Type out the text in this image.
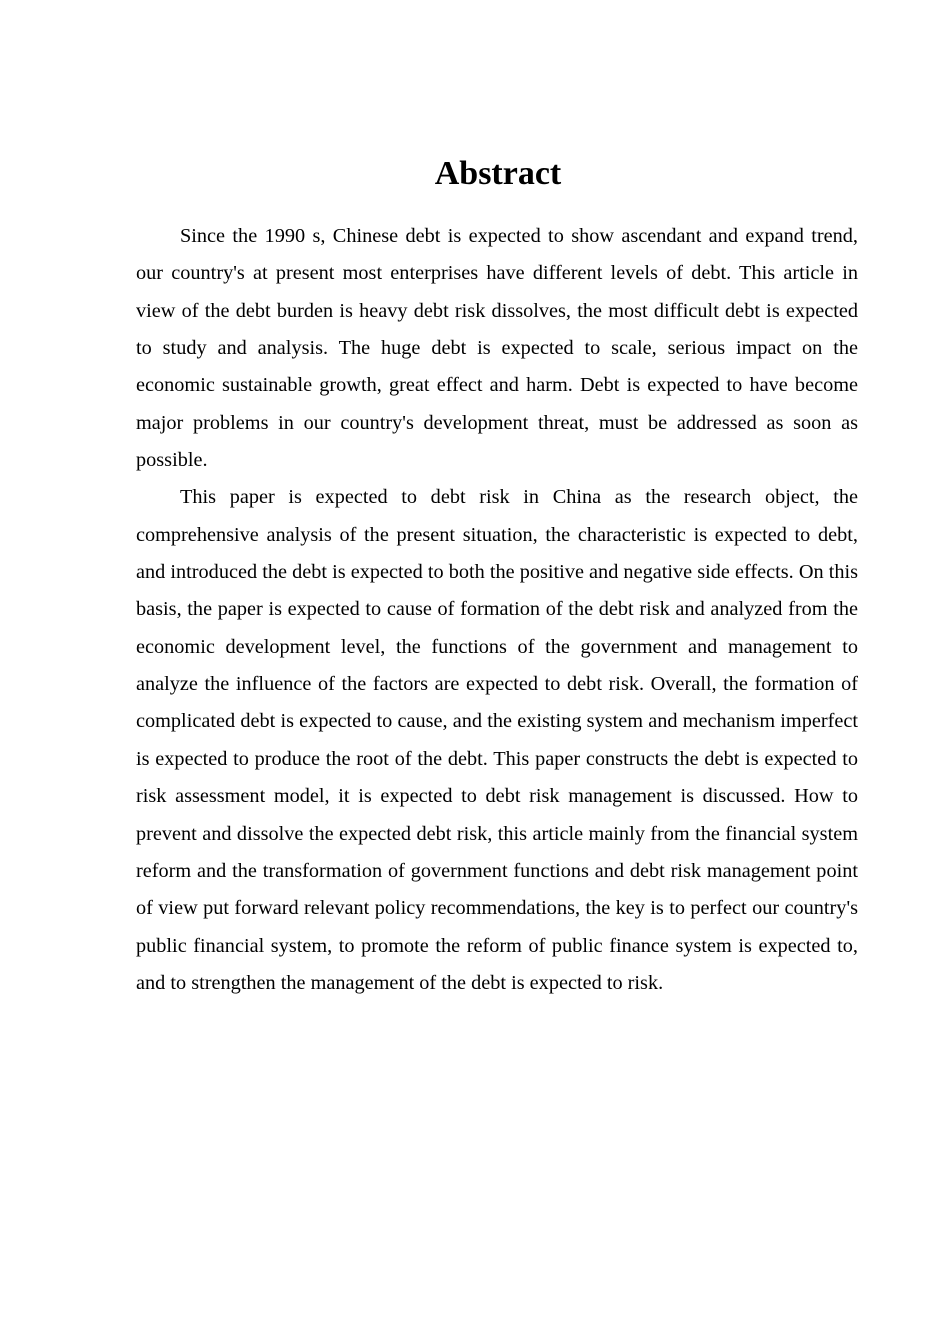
Abstract

Since the 1990 s, Chinese debt is expected to show ascendant and expand trend, our country's at present most enterprises have different levels of debt. This article in view of the debt burden is heavy debt risk dissolves, the most difficult debt is expected to study and analysis. The huge debt is expected to scale, serious impact on the economic sustainable growth, great effect and harm. Debt is expected to have become major problems in our country's development threat, must be addressed as soon as possible.

This paper is expected to debt risk in China as the research object, the comprehensive analysis of the present situation, the characteristic is expected to debt, and introduced the debt is expected to both the positive and negative side effects. On this basis, the paper is expected to cause of formation of the debt risk and analyzed from the economic development level, the functions of the government and management to analyze the influence of the factors are expected to debt risk. Overall, the formation of complicated debt is expected to cause, and the existing system and mechanism imperfect is expected to produce the root of the debt. This paper constructs the debt is expected to risk assessment model, it is expected to debt risk management is discussed. How to prevent and dissolve the expected debt risk, this article mainly from the financial system reform and the transformation of government functions and debt risk management point of view put forward relevant policy recommendations, the key is to perfect our country's public financial system, to promote the reform of public finance system is expected to, and to strengthen the management of the debt is expected to risk.
